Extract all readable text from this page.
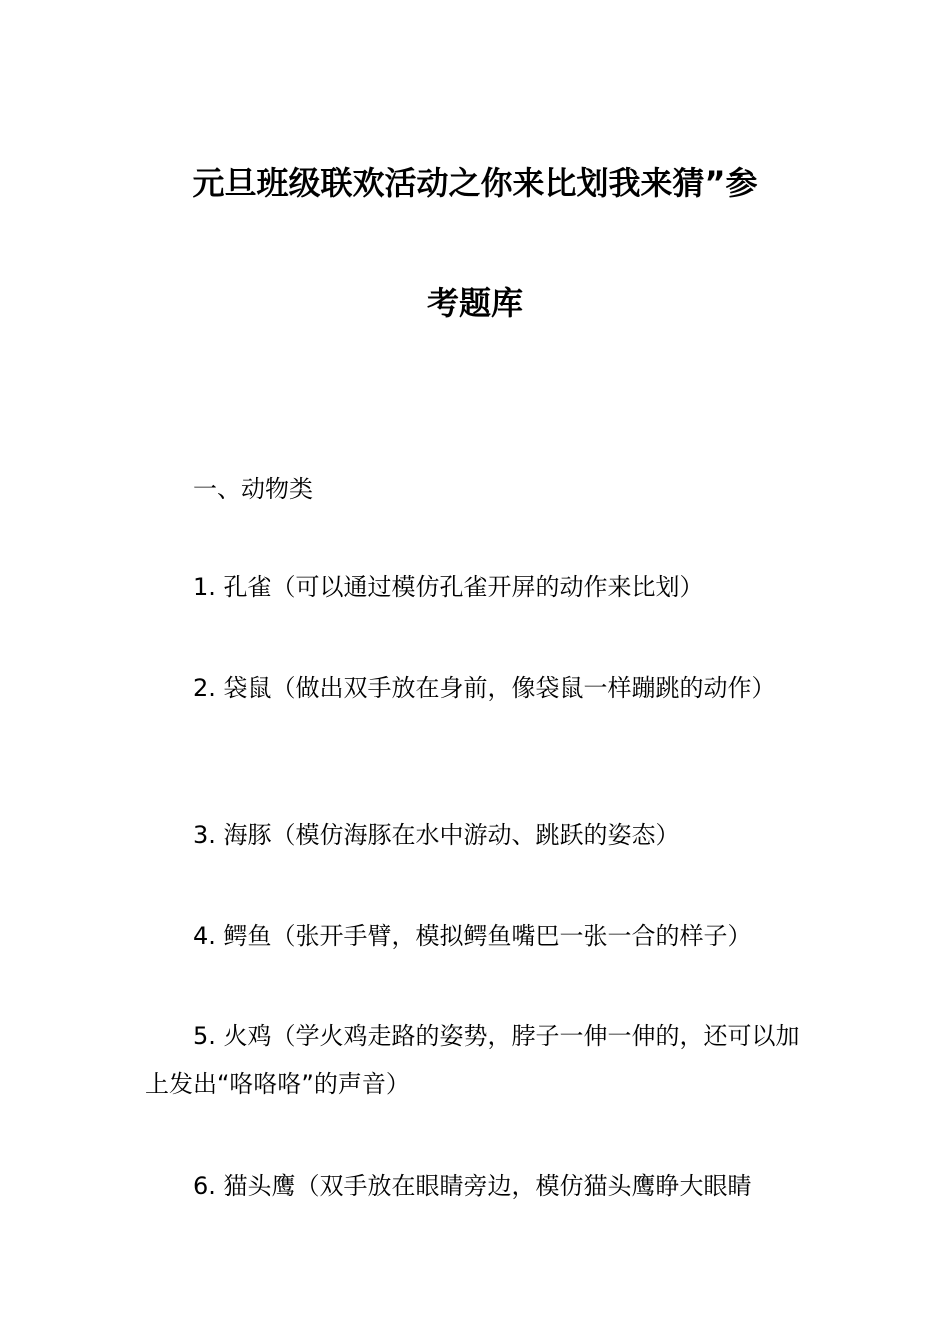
元旦班级联欢活动之你来比划我来猜”参
考题库
一、动物类
1. 孔雀（可以通过模仿孔雀开屏的动作来比划）
2. 袋鼠（做出双手放在身前，像袋鼠一样蹦跳的动作）
3. 海豚（模仿海豚在水中游动、跳跃的姿态）
4. 鳄鱼（张开手臂，模拟鳄鱼嘴巴一张一合的样子）
5. 火鸡（学火鸡走路的姿势，脖子一伸一伸的，还可以加上发出“咯咯咯”的声音）
6. 猫头鹰（双手放在眼睛旁边，模仿猫头鹰睁大眼睛
